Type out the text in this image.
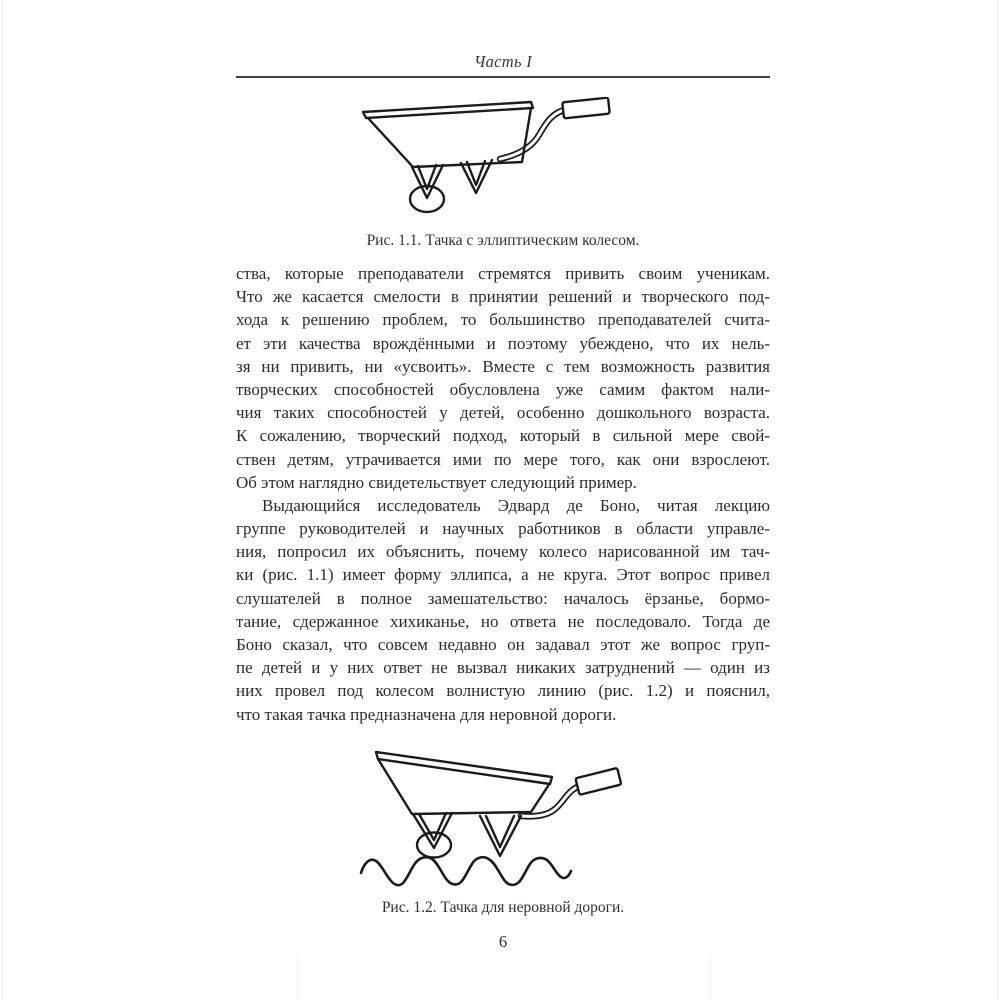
Часть I
Рис. 1.1. Тачка с эллиптическим колесом.
ства, которые преподаватели стремятся привить своим ученикам.
Что же касается смелости в принятии решений и творческого под-
хода к решению проблем, то большинство преподавателей счита-
ет эти качества врождёнными и поэтому убеждено, что их нель-
зя ни привить, ни «усвоить». Вместе с тем возможность развития
творческих способностей обусловлена уже самим фактом нали-
чия таких способностей у детей, особенно дошкольного возраста.
К сожалению, творческий подход, который в сильной мере свой-
ствен детям, утрачивается ими по мере того, как они взрослеют.
Об этом наглядно свидетельствует следующий пример.
Выдающийся исследователь Эдвард де Боно, читая лекцию
группе руководителей и научных работников в области управле-
ния, попросил их объяснить, почему колесо нарисованной им тач-
ки (рис. 1.1) имеет форму эллипса, а не круга. Этот вопрос привел
слушателей в полное замешательство: началось ёрзанье, бормо-
тание, сдержанное хихиканье, но ответа не последовало. Тогда де
Боно сказал, что совсем недавно он задавал этот же вопрос груп-
пе детей и у них ответ не вызвал никаких затруднений — один из
них провел под колесом волнистую линию (рис. 1.2) и пояснил,
что такая тачка предназначена для неровной дороги.
Рис. 1.2. Тачка для неровной дороги.
6
